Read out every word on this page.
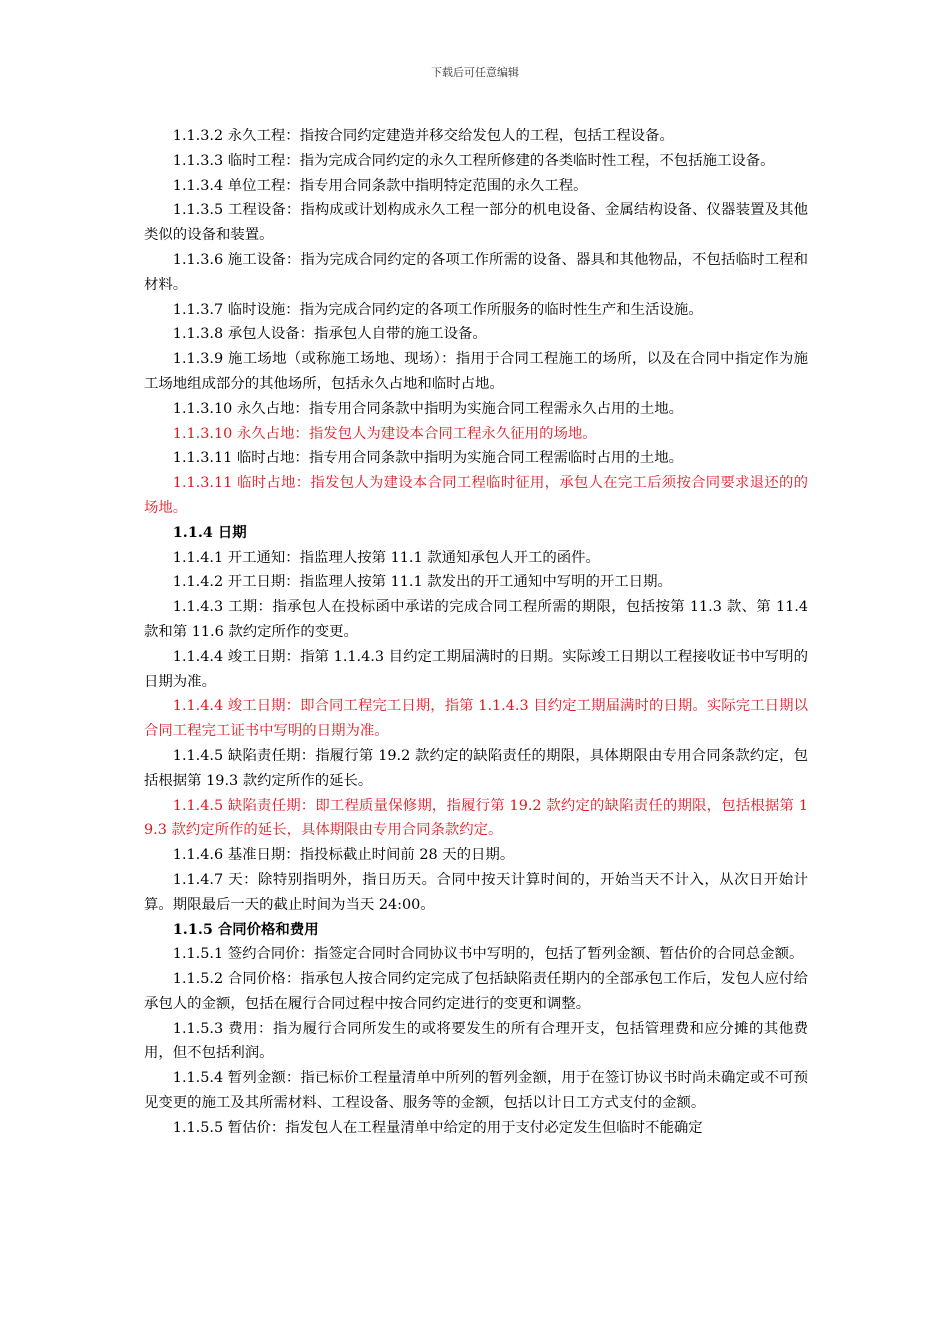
下载后可任意编辑

1.1.3.2 永久工程：指按合同约定建造并移交给发包人的工程，包括工程设备。

1.1.3.3 临时工程：指为完成合同约定的永久工程所修建的各类临时性工程，不包括施工设备。

1.1.3.4 单位工程：指专用合同条款中指明特定范围的永久工程。

1.1.3.5 工程设备：指构成或计划构成永久工程一部分的机电设备、金属结构设备、仪器装置及其他类似的设备和装置。

1.1.3.6 施工设备：指为完成合同约定的各项工作所需的设备、器具和其他物品，不包括临时工程和材料。

1.1.3.7 临时设施：指为完成合同约定的各项工作所服务的临时性生产和生活设施。

1.1.3.8 承包人设备：指承包人自带的施工设备。

1.1.3.9 施工场地（或称施工场地、现场）：指用于合同工程施工的场所，以及在合同中指定作为施工场地组成部分的其他场所，包括永久占地和临时占地。

1.1.3.10 永久占地：指专用合同条款中指明为实施合同工程需永久占用的土地。

1.1.3.10 永久占地：指发包人为建设本合同工程永久征用的场地。

1.1.3.11 临时占地：指专用合同条款中指明为实施合同工程需临时占用的土地。

1.1.3.11 临时占地：指发包人为建设本合同工程临时征用，承包人在完工后须按合同要求退还的的场地。

1.1.4 日期

1.1.4.1 开工通知：指监理人按第 11.1 款通知承包人开工的函件。

1.1.4.2 开工日期：指监理人按第 11.1 款发出的开工通知中写明的开工日期。

1.1.4.3 工期：指承包人在投标函中承诺的完成合同工程所需的期限，包括按第 11.3 款、第 11.4 款和第 11.6 款约定所作的变更。

1.1.4.4 竣工日期：指第 1.1.4.3 目约定工期届满时的日期。实际竣工日期以工程接收证书中写明的日期为准。

1.1.4.4 竣工日期：即合同工程完工日期，指第 1.1.4.3 目约定工期届满时的日期。实际完工日期以合同工程完工证书中写明的日期为准。

1.1.4.5 缺陷责任期：指履行第 19.2 款约定的缺陷责任的期限，具体期限由专用合同条款约定，包括根据第 19.3 款约定所作的延长。

1.1.4.5 缺陷责任期：即工程质量保修期，指履行第 19.2 款约定的缺陷责任的期限，包括根据第 19.3 款约定所作的延长，具体期限由专用合同条款约定。

1.1.4.6 基准日期：指投标截止时间前 28 天的日期。

1.1.4.7 天：除特别指明外，指日历天。合同中按天计算时间的，开始当天不计入，从次日开始计算。期限最后一天的截止时间为当天 24:00。

1.1.5 合同价格和费用

1.1.5.1 签约合同价：指签定合同时合同协议书中写明的，包括了暂列金额、暂估价的合同总金额。

1.1.5.2 合同价格：指承包人按合同约定完成了包括缺陷责任期内的全部承包工作后，发包人应付给承包人的金额，包括在履行合同过程中按合同约定进行的变更和调整。

1.1.5.3 费用：指为履行合同所发生的或将要发生的所有合理开支，包括管理费和应分摊的其他费用，但不包括利润。

1.1.5.4 暂列金额：指已标价工程量清单中所列的暂列金额，用于在签订协议书时尚未确定或不可预见变更的施工及其所需材料、工程设备、服务等的金额，包括以计日工方式支付的金额。

1.1.5.5 暂估价：指发包人在工程量清单中给定的用于支付必定发生但临时不能确定
